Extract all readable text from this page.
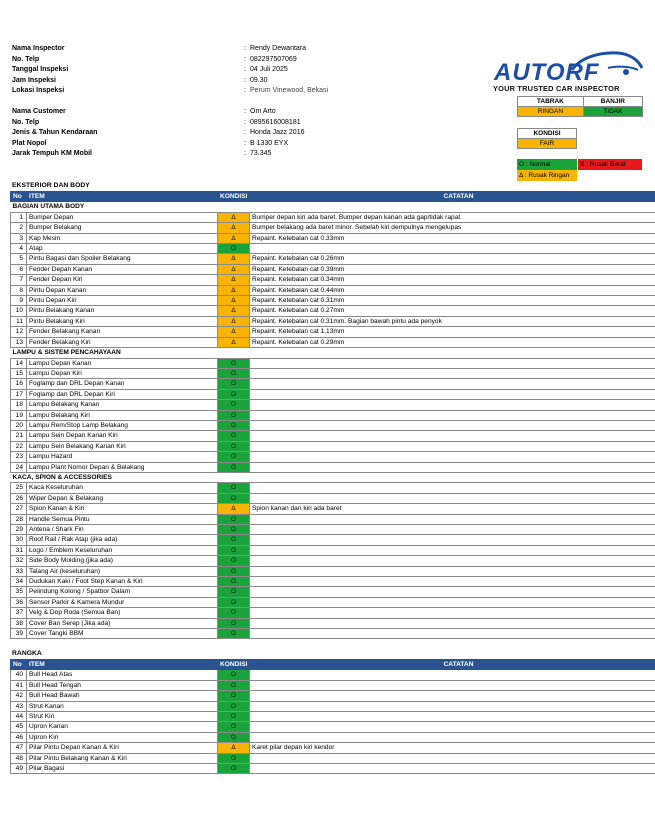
Nama Inspector	: Rendy Dewantara
No. Telp	: 082297507069
Tanggal Inspeksi	: 04 Juli 2025
Jam Inspeksi	: 09.30
Lokasi Inspeksi	: Perum Vinewood, Bekasi
Nama Customer	: Om Arto
No. Telp	: 0895616008181
Jenis & Tahun Kendaraan	: Honda Jazz 2016
Plat Nopol	: B 1330 EYX
Jarak Tempuh KM Mobil	: 73.345
AUTORF
YOUR TRUSTED CAR INSPECTOR
TABRAK	BANJIR
RINGAN	TIDAK
KONDISI
FAIR
O : Normal	X : Rusak Berat
Δ : Rusak Ringan
EKSTERIOR DAN BODY
No	ITEM	KONDISI	CATATAN
BAGIAN UTAMA BODY			
1	Bumper Depan	Δ	Bumper depan kiri ada baret. Bumper depan kanan ada gap/tidak rapat
2	Bumper Belakang	Δ	Bumper belakang ada baret minor. Sebelah kiri dempulnya mengelupas
3	Kap Mesin	Δ	Repaint. Ketebalan cat 0.33mm
4	Atap	O	
5	Pintu Bagasi dan Spoiler Belakang	Δ	Repaint. Ketebalan cat 0.26mm
6	Fender Depan Kanan	Δ	Repaint. Ketebalan cat 0.39mm
7	Fender Depan Kiri	Δ	Repaint. Ketebalan cat 0.34mm
8	Pintu Depan Kanan	Δ	Repaint. Ketebalan cat 0.44mm
9	Pintu Depan Kiri	Δ	Repaint. Ketebalan cat 0.31mm
10	Pintu Belakang Kanan	Δ	Repaint. Ketebalan cat 0.27mm
11	Pintu Belakang Kiri	Δ	Repaint. Ketebalan cat 0.31mm. Bagian bawah pintu ada penyok
12	Fender Belakang Kanan	Δ	Repaint. Ketebalan cat 1.13mm
13	Fender Belakang Kiri	Δ	Repaint. Ketebalan cat 0.29mm
LAMPU & SISTEM PENCAHAYAAN			
14	Lampu Depan Kanan	O	
15	Lampu Depan Kiri	O	
16	Foglamp dan DRL Depan Kanan	O	
17	Foglamp dan DRL Depan Kiri	O	
18	Lampu Belakang Kanan	O	
19	Lampu Belakang Kiri	O	
20	Lampu Rem/Stop Lamp Belakang	O	
21	Lampu Sein Depan Kanan Kiri	O	
22	Lampu Sein Belakang Kanan Kiri	O	
23	Lampu Hazard	O	
24	Lampu Plant Nomor Depan & Belakang	O	
KACA, SPION & ACCESSORIES			
25	Kaca Keseluruhan	O	
26	Wiper Depan & Belakang	O	
27	Spion Kanan & Kiri	Δ	Spion kanan dan kiri ada baret
28	Handle Semua Pintu	O	
29	Antena / Shark Fin	O	
30	Roof Rail / Rak Atap (jika ada)	O	
31	Logo / Emblem Keseluruhan	O	
32	Side Body Molding (jika ada)	O	
33	Talang Air (keseluruhan)	O	
34	Dudukan Kaki / Foot Step Kanan & Kiri	O	
35	Pelindung Kolong / Spatbor Dalam	O	
36	Sensor Parkir & Kamera Mundur	O	
37	Velg & Dop Roda (Semua Ban)	O	
38	Cover Ban Serep (Jika ada)	O	
39	Cover Tangki BBM	O	
RANGKA
No	ITEM	KONDISI	CATATAN
40	Bull Head Atas	O	
41	Bull Head Tengah	O	
42	Bull Head Bawah	O	
43	Strut Kanan	O	
44	Strut Kiri	O	
45	Upron Kanan	O	
46	Upron Kiri	O	
47	Pilar Pintu Depan Kanan & Kiri	Δ	Karet pilar depan kiri kendor
48	Pilar Pintu Belakang Kanan & Kiri	O	
49	Pilar Bagasi	O	
